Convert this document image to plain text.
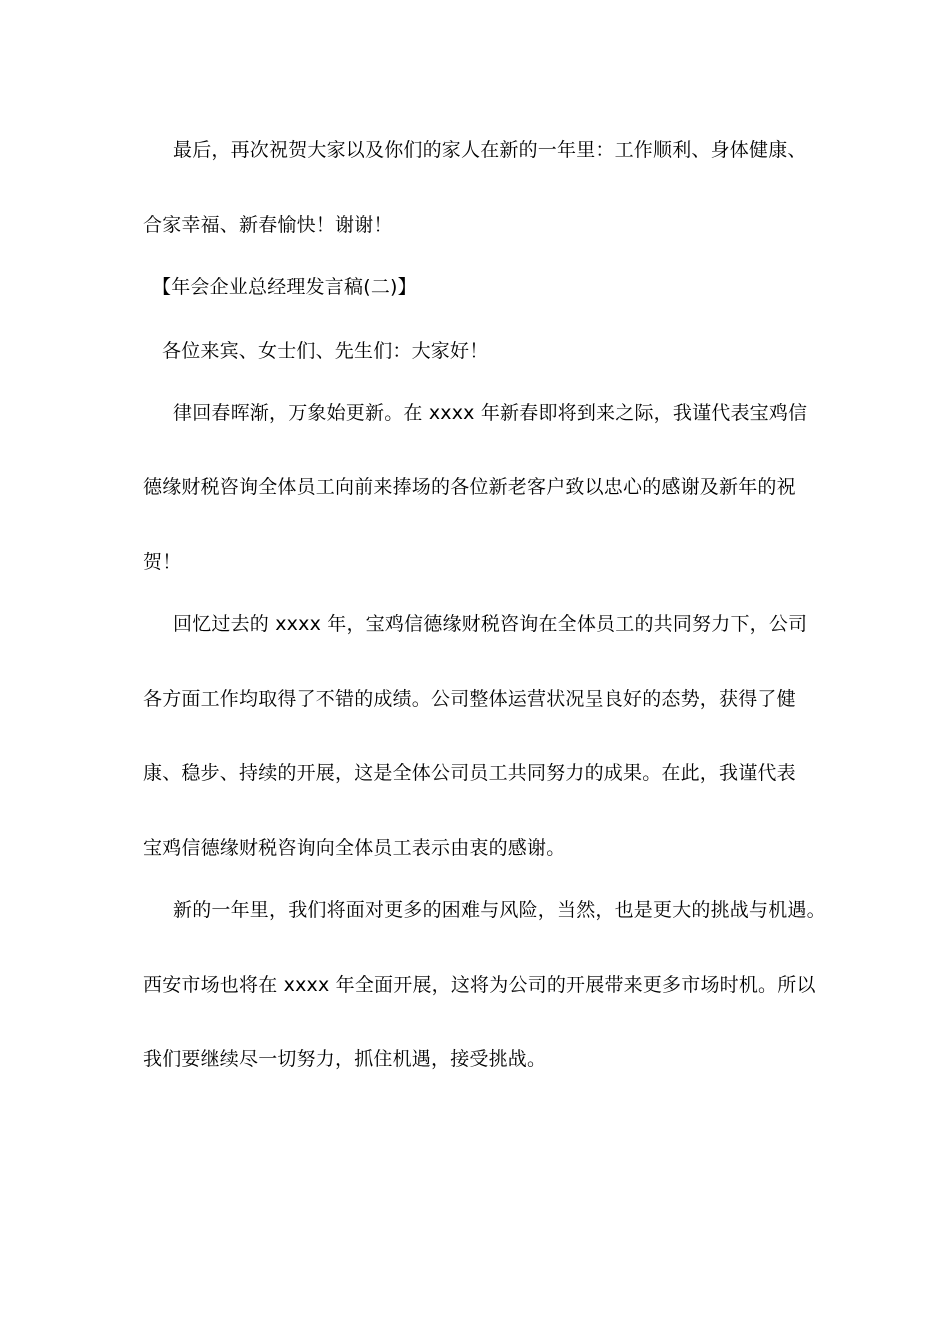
最后，再次祝贺大家以及你们的家人在新的一年里：工作顺利、身体健康、
合家幸福、新春愉快！谢谢！
【年会企业总经理发言稿(二)】
各位来宾、女士们、先生们：大家好！
律回春晖渐，万象始更新。在 xxxx 年新春即将到来之际，我谨代表宝鸡信
德缘财税咨询全体员工向前来捧场的各位新老客户致以忠心的感谢及新年的祝
贺！
回忆过去的 xxxx 年，宝鸡信德缘财税咨询在全体员工的共同努力下，公司
各方面工作均取得了不错的成绩。公司整体运营状况呈良好的态势，获得了健
康、稳步、持续的开展，这是全体公司员工共同努力的成果。在此，我谨代表
宝鸡信德缘财税咨询向全体员工表示由衷的感谢。
新的一年里，我们将面对更多的困难与风险，当然，也是更大的挑战与机遇。
西安市场也将在 xxxx 年全面开展，这将为公司的开展带来更多市场时机。所以
我们要继续尽一切努力，抓住机遇，接受挑战。
